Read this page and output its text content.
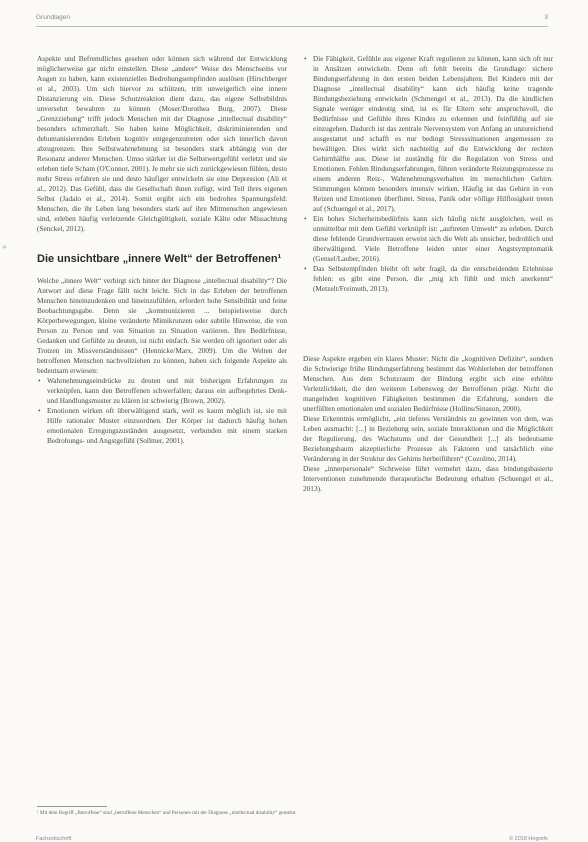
Grundlagen	3
*

Aspekte und Befremdliches gesehen oder können sich während der Entwicklung möglicherweise gar nicht einstellen. Diese „andere“ Weise des Menschseins vor Augen zu haben, kann existenzielles Bedrohungsempfinden auslösen (Hirschberger et al., 2003). Um sich hiervor zu schützen, tritt unweigerlich eine innere Distanzierung ein. Diese Schutzreaktion dient dazu, das eigene Selbstbildnis unversehrt bewahren zu können (Moser/Dorothea Burg, 2007). Diese „Grenzziehung“ trifft jedoch Menschen mit der Diagnose „intellectual disability“ besonders schmerzhaft. Sie haben keine Möglichkeit, diskriminierenden und dehumanisierenden Erleben kognitiv entgegenzutreten oder sich innerlich davon abzugrenzen. Ihre Selbstwahrnehmung ist besonders stark abhängig von der Resonanz anderer Menschen. Umso stärker ist die Selbstwertgefühl verletzt und sie erleben tiefe Scham (O'Connor, 2001). Je mehr sie sich zurückgewiesen fühlen, desto mehr Stress erfahren sie und desto häufiger entwickeln sie eine Depression (Ali et al., 2012). Das Gefühl, dass die Gesellschaft ihnen zufügt, wird Teil ihres eigenen Selbst (Jadalo et al., 2014). Somit ergibt sich ein bedroltes Spannungsfeld: Menschen, die ihr Leben lang besonders stark auf ihre Mitmenschen angewiesen sind, erleben häufig verletzende Gleichgültigkeit, soziale Kälte oder Missachtung (Senckel, 2012).

Die unsichtbare „innere Welt“ der Betroffenen¹

Welche „innere Welt“ verbirgt sich hinter der Diagnose „intellectual disability“? Die Antwort auf diese Frage fällt nicht leicht. Sich in das Erleben der betroffenen Menschen hineinzudenken und hineinzufühlen, erfordert hohe Sensibilität und feine Beobachtungsgabe. Denn sie „kommunizieren ... beispielsweise durch Körperbewegungen, kleine veränderte Mimikrunzen oder subtile Hinweise, die von Person zu Person und von Situation zu Situation variieren. Ihre Bedürfnisse, Gedanken und Gefühle zu deuten, ist nicht einfach. Sie werden oft ignoriert oder als Trotzen im Missverständnissen“ (Hennicke/Marx, 2009). Um die Welten der betroffenen Menschen nachvollziehen zu können, haben sich folgende Aspekte als bedeutsam erwiesen:

• Wahrnehmungseindrücke zu deuten und mit bisherigen Erfahrungen zu verknüpfen, kann den Betroffenen schwerfallen; daraus ein aufbegehrtes Denk- und Handlungsmuster zu klären ist schwierig (Brown, 2002).
• Emotionen wirken oft überwältigend stark, weil es kaum möglich ist, sie mit Hilfe rationaler Muster einzuordnen. Der Körper ist dadurch häufig hohen emotionalen Erregungszuständen ausgesetzt, verbunden mit einem starken Bedrohungs- und Angstgefühl (Sollmer, 2001).
• Die Fähigkeit, Gefühle aus eigener Kraft regulieren zu können, kann sich oft nur in Ansätzen entwickeln. Denn oft fehlt bereits die Grundlage: sichere Bindungserfahrung in den ersten beiden Lebensjahren. Bei Kindern mit der Diagnose „intellectual disability“ kann sich häufig keine tragende Bindungsbeziehung entwickeln (Schmengel et al., 2013). Da die kindlichen Signale weniger eindeutig sind, ist es für Eltern sehr anspruchsvoll, die Bedürfnisse und Gefühle ihres Kindes zu erkennen und feinfühlig auf sie einzugehen. Dadurch ist das zentrale Nervensystem von Anfang an unzureichend ausgestattet und schafft es nur bedingt Stresssituationen angemessen zu bewältigen. Dies wirkt sich nachteilig auf die Entwicklung der rechten Gehirnhälfte aus. Diese ist zuständig für die Regulation von Stress und Emotionen. Fehlen Bindungserfahrungen, führen veränderte Reizungsprozesse zu einem anderen Reiz-, Wahrnehmungsverhalten im menschlichen Gehirn. Stimmungen können besonders intensiv wirken. Häufig ist das Gehirn in von Reizen und Emotionen überflutet. Stress, Panik oder völlige Hilflosigkeit treten auf (Schuengel et al., 2017).
• Ein hohes Sicherheitsbedürfnis kann sich häufig nicht ausgleichen, weil es unmittelbar mit dem Gefühl verknüpft ist: „auftreten Umwelt“ zu erleben. Durch diese fehlende Grundvertrauen erweist sich die Welt als unsicher, bedrohlich und überwältigend. Viele Betroffene leiden unter einer Angstsymptomatik (Gensel/Lauber, 2016).
• Das Selbstempfinden bleibt oft sehr fragil, da die entscheidenden Erlebnisse fehlen: es gibt eine Person, die „mig ich fühlt und mich anerkennt“ (Metzelt/Freimuth, 2013).

Diese Aspekte ergeben ein klares Muster: Nicht die „kognitiven Defizite“, sondern die Schwierige frühe Bindungserfahrung bestimmt das Wohlerleben der betroffenen Menschen. Aus dem Schutzraum der Bindung ergibt sich eine erhöhte Verletzlichkeit, die den weiteren Lebensweg der Betroffenen prägt. Nicht die mangelnden kognitiven Fähigkeiten bestimmen die Erfahrung, sondern die unerfüllten emotionalen und sozialen Bedürfnisse (Hollins/Sinason, 2000).

Diese Erkenntnis ermöglicht, „ein tieferes Verständnis zu gewinnen von dem, was Leben ausmacht: [...] in Beziehung sein, soziale Interaktionen und die Möglichkeit der Regulierung, des Wachstums und der Gesundheit [...] als bedeutsame Beziehungsbaum akzeptierliche Prozesse als Faktoren und tatsächlich eine Veränderung in der Struktur des Gehirns herbeiführen“ (Cozolino, 2014).

Diese „innerpersonale“ Sichtweise führt vermehrt dazu, dass bindungsbasierte Interventionen zunehmende therapeutische Bedeutung erhalten (Schuengel et al., 2013).

¹ Mit dem Begriff „Betroffene“ sind „betroffene Menschen“ und Personen mit der Diagnose „intellectual disability“ gemeint.
Fachzeitschrift	© 2018 Hogrefe
